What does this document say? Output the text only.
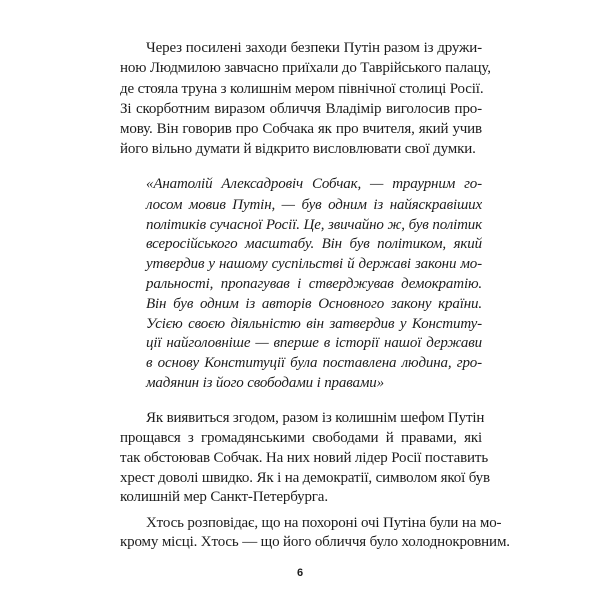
Через посилені заходи безпеки Путін разом із дружи-
ною Людмилою завчасно приїхали до Таврійського палацу,
де стояла труна з колишнім мером північної столиці Росії.
Зі скорботним виразом обличчя Владімір виголосив про-
мову. Він говорив про Собчака як про вчителя, який учив
його вільно думати й відкрито висловлювати свої думки.
«Анатолій Алексадровіч Собчак, — траурним го-
лосом мовив Путін, — був одним із найяскравіших
політиків сучасної Росії. Це, звичайно ж, був політик
всеросійського масштабу. Він був політиком, який
утвердив у нашому суспільстві й державі закони мо-
ральності, пропагував і стверджував демократію.
Він був одним із авторів Основного закону країни.
Усією своєю діяльністю він затвердив у Конститу-
ції найголовніше — вперше в історії нашої держави
в основу Конституції була поставлена людина, гро-
мадянин із його свободами і правами»
Як виявиться згодом, разом із колишнім шефом Путін
прощався з громадянськими свободами й правами, які
так обстоював Собчак. На них новий лідер Росії поставить
хрест доволі швидко. Як і на демократії, символом якої був
колишній мер Санкт-Петербурга.
Хтось розповідає, що на похороні очі Путіна були на мо-
крому місці. Хтось — що його обличчя було холоднокровним.
6
